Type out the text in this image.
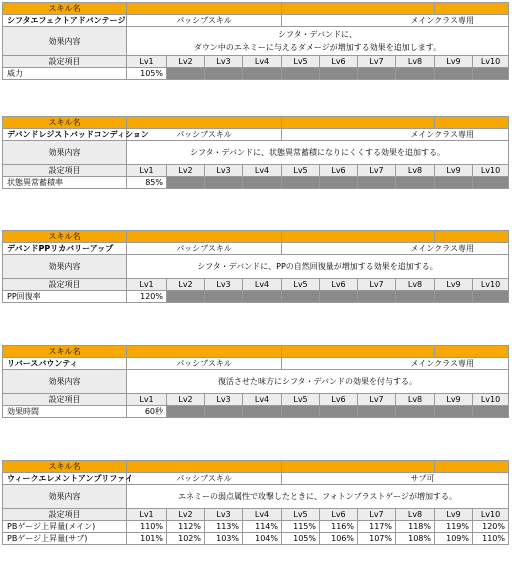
スキル名										
シフタエフェクトアドバンテージ	パッシブスキル								メインクラス専用	
効果内容	シフタ・デバンドに、
ダウン中のエネミーに与えるダメージが増加する効果を追加します。									

設定項目	Lv1	Lv2	Lv3	Lv4	Lv5	Lv6	Lv7	Lv8	Lv9	Lv10
威力	105%									
スキル名										
デバンドレジストバッドコンディション	パッシブスキル								メインクラス専用	
効果内容	シフタ・デバンドに、状態異常蓄積になりにくくする効果を追加する。									

設定項目	Lv1	Lv2	Lv3	Lv4	Lv5	Lv6	Lv7	Lv8	Lv9	Lv10
状態異常蓄積率	85%									
スキル名										
デバンドPPリカバリーアップ	パッシブスキル								メインクラス専用	
効果内容	シフタ・デバンドに、PPの自然回復量が増加する効果を追加する。									

設定項目	Lv1	Lv2	Lv3	Lv4	Lv5	Lv6	Lv7	Lv8	Lv9	Lv10
PP回復率	120%									
スキル名										
リバースバウンティ	パッシブスキル								メインクラス専用	
効果内容	復活させた味方にシフタ・デバンドの効果を付与する。									

設定項目	Lv1	Lv2	Lv3	Lv4	Lv5	Lv6	Lv7	Lv8	Lv9	Lv10
効果時間	60秒									
スキル名										
ウィークエレメントアンプリファイ	パッシブスキル								サブ可	
効果内容	エネミーの弱点属性で攻撃したときに、フォトンブラストゲージが増加する。									

設定項目	Lv1	Lv2	Lv3	Lv4	Lv5	Lv6	Lv7	Lv8	Lv9	Lv10
PBゲージ上昇量(メイン)	110%	112%	113%	114%	115%	116%	117%	118%	119%	120%
PBゲージ上昇量(サブ)	101%	102%	103%	104%	105%	106%	107%	108%	109%	110%
